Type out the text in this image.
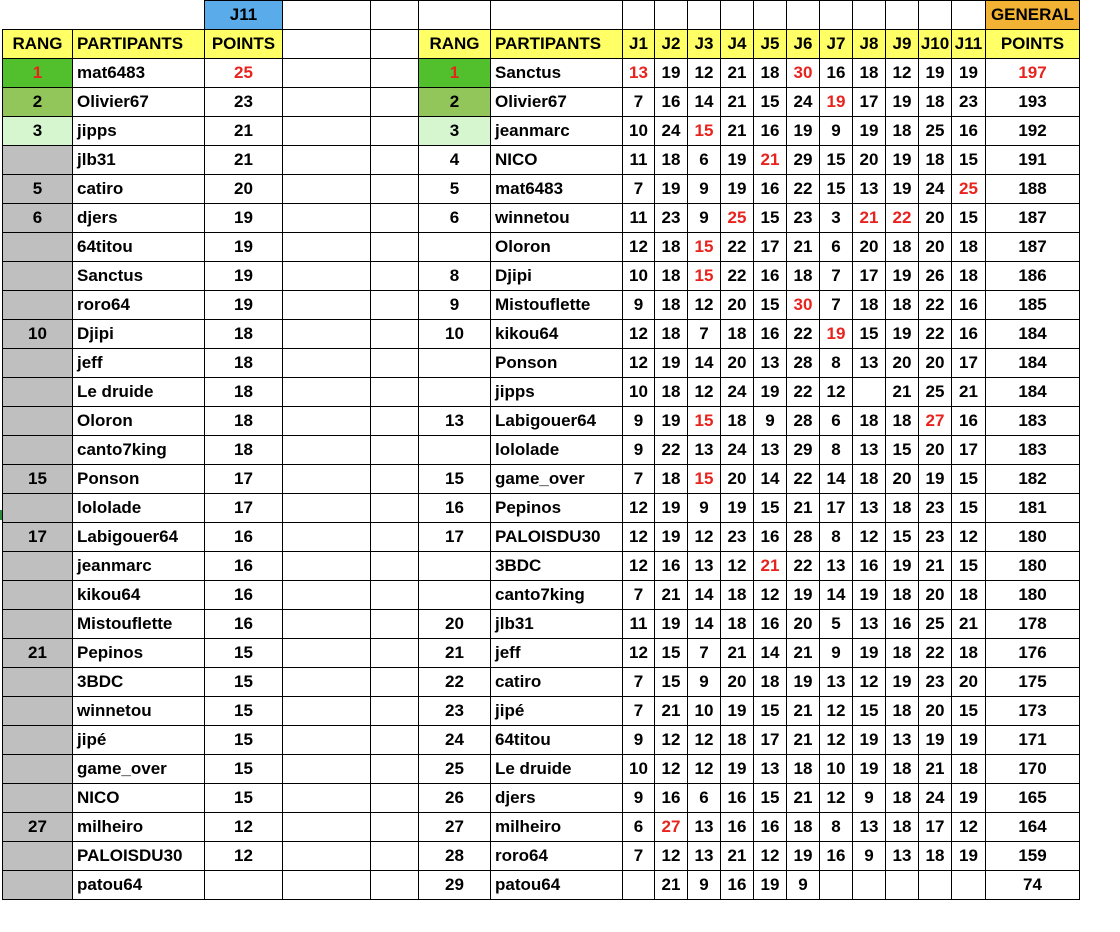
		J11
RANG	PARTIPANTS	POINTS
1	mat6483	25
2	Olivier67	23
3	jipps	21
	jlb31	21
5	catiro	20
6	djers	19
	64titou	19
	Sanctus	19
	roro64	19
10	Djipi	18
	jeff	18
	Le druide	18
	Oloron	18
	canto7king	18
15	Ponson	17
	lololade	17
17	Labigouer64	16
	jeanmarc	16
	kikou64	16
	Mistouflette	16
21	Pepinos	15
	3BDC	15
	winnetou	15
	jipé	15
	game_over	15
	NICO	15
27	milheiro	12
	PALOISDU30	12
	patou64	

													GENERAL
RANG	PARTIPANTS	J1	J2	J3	J4	J5	J6	J7	J8	J9	J10	J11	POINTS
1	Sanctus	13	19	12	21	18	30	16	18	12	19	19	197
2	Olivier67	7	16	14	21	15	24	19	17	19	18	23	193
3	jeanmarc	10	24	15	21	16	19	9	19	18	25	16	192
4	NICO	11	18	6	19	21	29	15	20	19	18	15	191
5	mat6483	7	19	9	19	16	22	15	13	19	24	25	188
6	winnetou	11	23	9	25	15	23	3	21	22	20	15	187
	Oloron	12	18	15	22	17	21	6	20	18	20	18	187
8	Djipi	10	18	15	22	16	18	7	17	19	26	18	186
9	Mistouflette	9	18	12	20	15	30	7	18	18	22	16	185
10	kikou64	12	18	7	18	16	22	19	15	19	22	16	184
	Ponson	12	19	14	20	13	28	8	13	20	20	17	184
	jipps	10	18	12	24	19	22	12		21	25	21	184
13	Labigouer64	9	19	15	18	9	28	6	18	18	27	16	183
	lololade	9	22	13	24	13	29	8	13	15	20	17	183
15	game_over	7	18	15	20	14	22	14	18	20	19	15	182
16	Pepinos	12	19	9	19	15	21	17	13	18	23	15	181
17	PALOISDU30	12	19	12	23	16	28	8	12	15	23	12	180
	3BDC	12	16	13	12	21	22	13	16	19	21	15	180
	canto7king	7	21	14	18	12	19	14	19	18	20	18	180
20	jlb31	11	19	14	18	16	20	5	13	16	25	21	178
21	jeff	12	15	7	21	14	21	9	19	18	22	18	176
22	catiro	7	15	9	20	18	19	13	12	19	23	20	175
23	jipé	7	21	10	19	15	21	12	15	18	20	15	173
24	64titou	9	12	12	18	17	21	12	19	13	19	19	171
25	Le druide	10	12	12	19	13	18	10	19	18	21	18	170
26	djers	9	16	6	16	15	21	12	9	18	24	19	165
27	milheiro	6	27	13	16	16	18	8	13	18	17	12	164
28	roro64	7	12	13	21	12	19	16	9	13	18	19	159
29	patou64		21	9	16	19	9						74
